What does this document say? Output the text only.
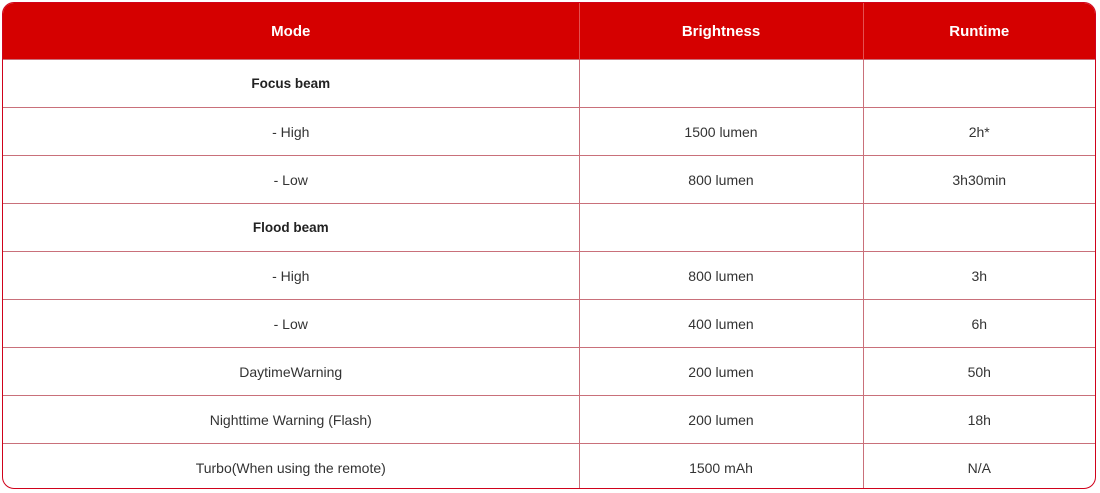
Mode	Brightness	Runtime
Focus beam		
- High	1500 lumen	2h*
- Low	800 lumen	3h30min
Flood beam		
- High	800 lumen	3h
- Low	400 lumen	6h
DaytimeWarning	200 lumen	50h
Nighttime Warning (Flash)	200 lumen	18h
Turbo(When using the remote)	1500 mAh	N/A
